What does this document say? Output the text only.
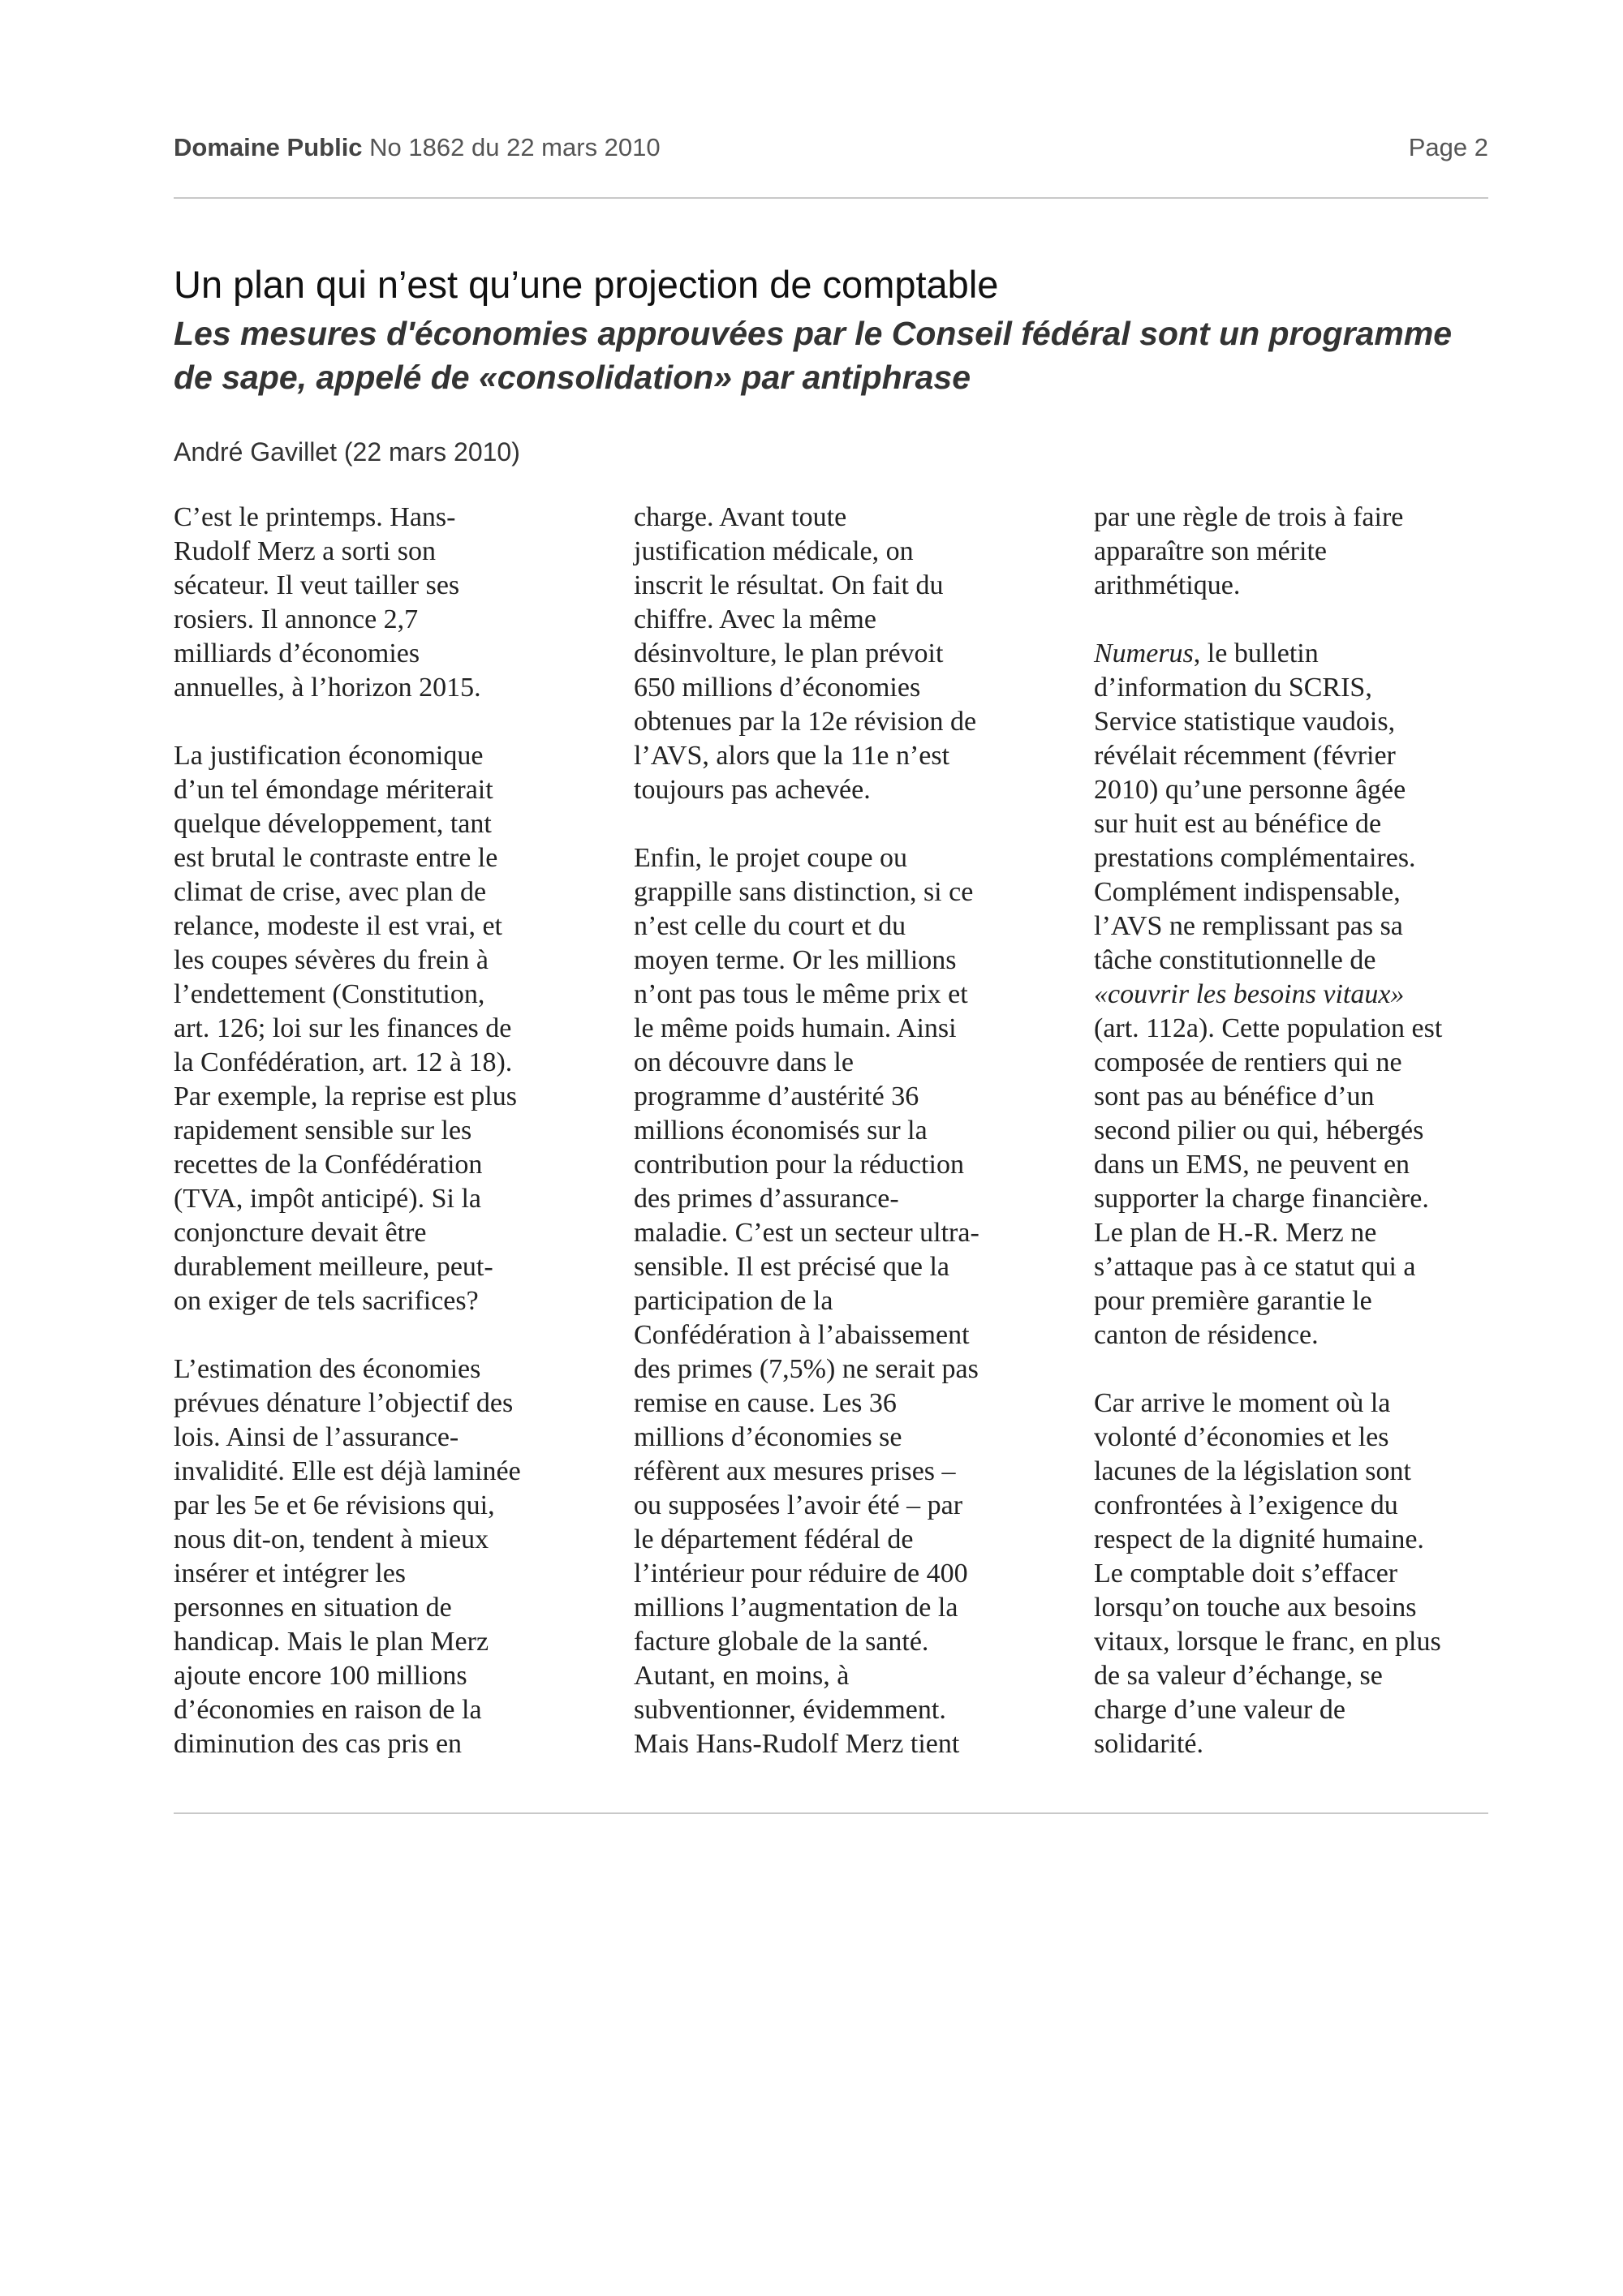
Domaine Public No 1862 du 22 mars 2010	Page 2
Un plan qui n’est qu’une projection de comptable
Les mesures d'économies approuvées par le Conseil fédéral sont un programme de sape, appelé de «consolidation» par antiphrase

André Gavillet (22 mars 2010)

C’est le printemps. Hans-
Rudolf Merz a sorti son
sécateur. Il veut tailler ses
rosiers. Il annonce 2,7
milliards d’économies
annuelles, à l’horizon 2015.

La justification économique
d’un tel émondage mériterait
quelque développement, tant
est brutal le contraste entre le
climat de crise, avec plan de
relance, modeste il est vrai, et
les coupes sévères du frein à
l’endettement (Constitution,
art. 126; loi sur les finances de
la Confédération, art. 12 à 18).
Par exemple, la reprise est plus
rapidement sensible sur les
recettes de la Confédération
(TVA, impôt anticipé). Si la
conjoncture devait être
durablement meilleure, peut-
on exiger de tels sacrifices?

L’estimation des économies
prévues dénature l’objectif des
lois. Ainsi de l’assurance-
invalidité. Elle est déjà laminée
par les 5e et 6e révisions qui,
nous dit-on, tendent à mieux
insérer et intégrer les
personnes en situation de
handicap. Mais le plan Merz
ajoute encore 100 millions
d’économies en raison de la
diminution des cas pris en

charge. Avant toute
justification médicale, on
inscrit le résultat. On fait du
chiffre. Avec la même
désinvolture, le plan prévoit
650 millions d’économies
obtenues par la 12e révision de
l’AVS, alors que la 11e n’est
toujours pas achevée.

Enfin, le projet coupe ou
grappille sans distinction, si ce
n’est celle du court et du
moyen terme. Or les millions
n’ont pas tous le même prix et
le même poids humain. Ainsi
on découvre dans le
programme d’austérité 36
millions économisés sur la
contribution pour la réduction
des primes d’assurance-
maladie. C’est un secteur ultra-
sensible. Il est précisé que la
participation de la
Confédération à l’abaissement
des primes (7,5%) ne serait pas
remise en cause. Les 36
millions d’économies se
réfèrent aux mesures prises –
ou supposées l’avoir été – par
le département fédéral de
l’intérieur pour réduire de 400
millions l’augmentation de la
facture globale de la santé.
Autant, en moins, à
subventionner, évidemment.
Mais Hans-Rudolf Merz tient

par une règle de trois à faire
apparaître son mérite
arithmétique.

Numerus, le bulletin
d’information du SCRIS,
Service statistique vaudois,
révélait récemment (février
2010) qu’une personne âgée
sur huit est au bénéfice de
prestations complémentaires.
Complément indispensable,
l’AVS ne remplissant pas sa
tâche constitutionnelle de
«couvrir les besoins vitaux»
(art. 112a). Cette population est
composée de rentiers qui ne
sont pas au bénéfice d’un
second pilier ou qui, hébergés
dans un EMS, ne peuvent en
supporter la charge financière.
Le plan de H.-R. Merz ne
s’attaque pas à ce statut qui a
pour première garantie le
canton de résidence.

Car arrive le moment où la
volonté d’économies et les
lacunes de la législation sont
confrontées à l’exigence du
respect de la dignité humaine.
Le comptable doit s’effacer
lorsqu’on touche aux besoins
vitaux, lorsque le franc, en plus
de sa valeur d’échange, se
charge d’une valeur de
solidarité.
